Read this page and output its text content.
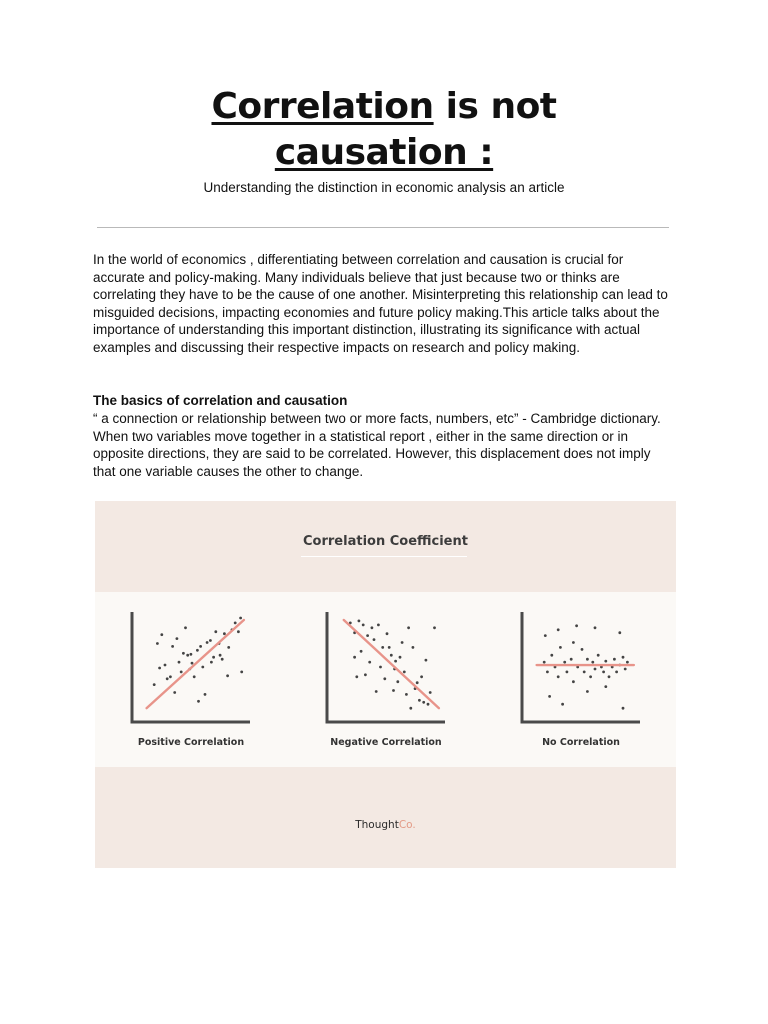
Correlation is not
causation :
Understanding the distinction in economic analysis an article

In the world of economics , differentiating between correlation and causation is crucial for accurate and policy-making. Many individuals believe that just because two or thinks are correlating they have to be the cause of one another. Misinterpreting this relationship can lead to misguided decisions, impacting economies and future policy making.This article talks about the importance of understanding this important distinction, illustrating its significance with actual examples and discussing their respective impacts on research and policy making.

The basics of correlation and causation

“ a connection or relationship between two or more facts, numbers, etc” - Cambridge dictionary. When two variables move together in a statistical report , either in the same direction or in opposite directions, they are said to be correlated. However, this displacement does not imply that one variable causes the other to change.

Correlation Coefficient
Positive Correlation	Negative Correlation	No Correlation
ThoughtCo.
